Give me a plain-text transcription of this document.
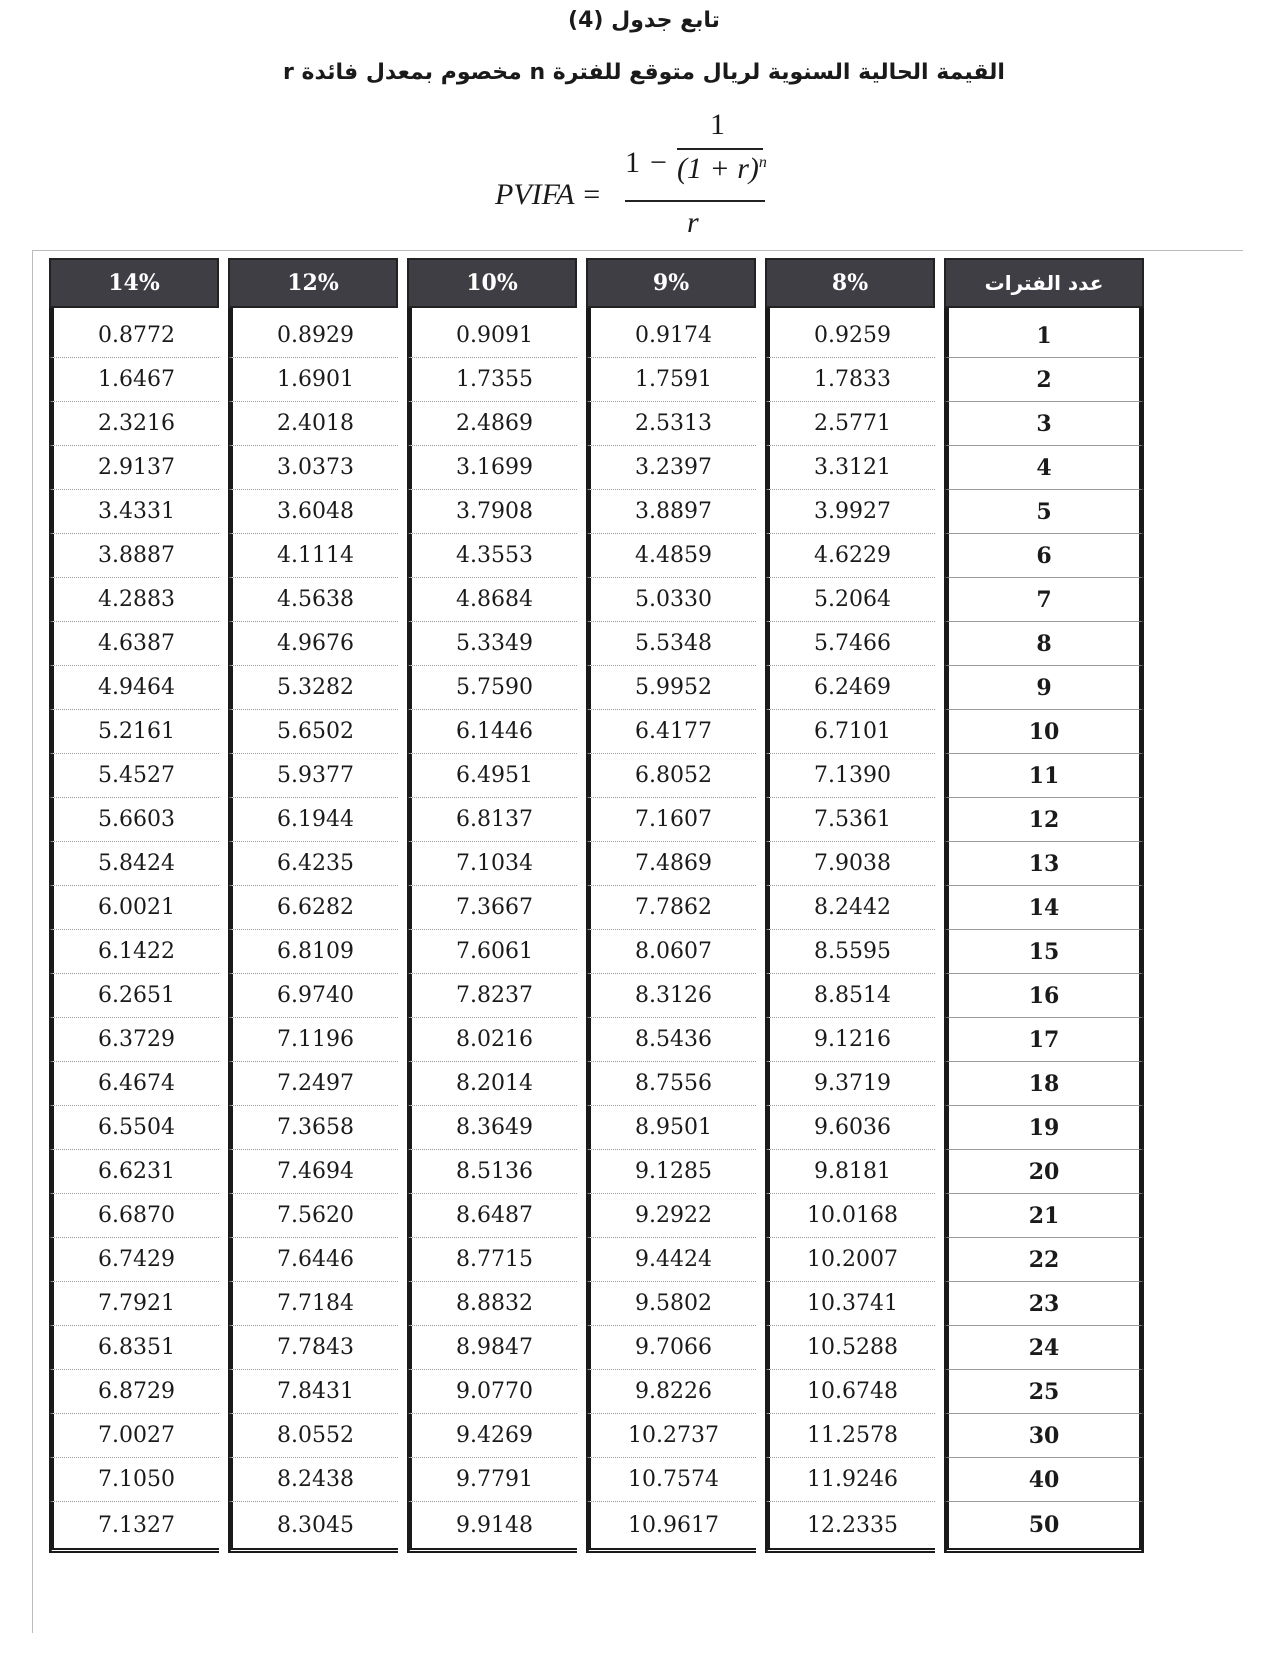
تابع جدول (4)
القيمة الحالية السنوية لريال متوقع للفترة n مخصوم بمعدل فائدة r
PVIFA =
1 −
1
$(1 + r)^n$
r
14%	12%	10%	9%	8%	عدد الفترات
0.8772	0.8929	0.9091	0.9174	0.9259	1
1.6467	1.6901	1.7355	1.7591	1.7833	2
2.3216	2.4018	2.4869	2.5313	2.5771	3
2.9137	3.0373	3.1699	3.2397	3.3121	4
3.4331	3.6048	3.7908	3.8897	3.9927	5
3.8887	4.1114	4.3553	4.4859	4.6229	6
4.2883	4.5638	4.8684	5.0330	5.2064	7
4.6387	4.9676	5.3349	5.5348	5.7466	8
4.9464	5.3282	5.7590	5.9952	6.2469	9
5.2161	5.6502	6.1446	6.4177	6.7101	10
5.4527	5.9377	6.4951	6.8052	7.1390	11
5.6603	6.1944	6.8137	7.1607	7.5361	12
5.8424	6.4235	7.1034	7.4869	7.9038	13
6.0021	6.6282	7.3667	7.7862	8.2442	14
6.1422	6.8109	7.6061	8.0607	8.5595	15
6.2651	6.9740	7.8237	8.3126	8.8514	16
6.3729	7.1196	8.0216	8.5436	9.1216	17
6.4674	7.2497	8.2014	8.7556	9.3719	18
6.5504	7.3658	8.3649	8.9501	9.6036	19
6.6231	7.4694	8.5136	9.1285	9.8181	20
6.6870	7.5620	8.6487	9.2922	10.0168	21
6.7429	7.6446	8.7715	9.4424	10.2007	22
7.7921	7.7184	8.8832	9.5802	10.3741	23
6.8351	7.7843	8.9847	9.7066	10.5288	24
6.8729	7.8431	9.0770	9.8226	10.6748	25
7.0027	8.0552	9.4269	10.2737	11.2578	30
7.1050	8.2438	9.7791	10.7574	11.9246	40
7.1327	8.3045	9.9148	10.9617	12.2335	50
